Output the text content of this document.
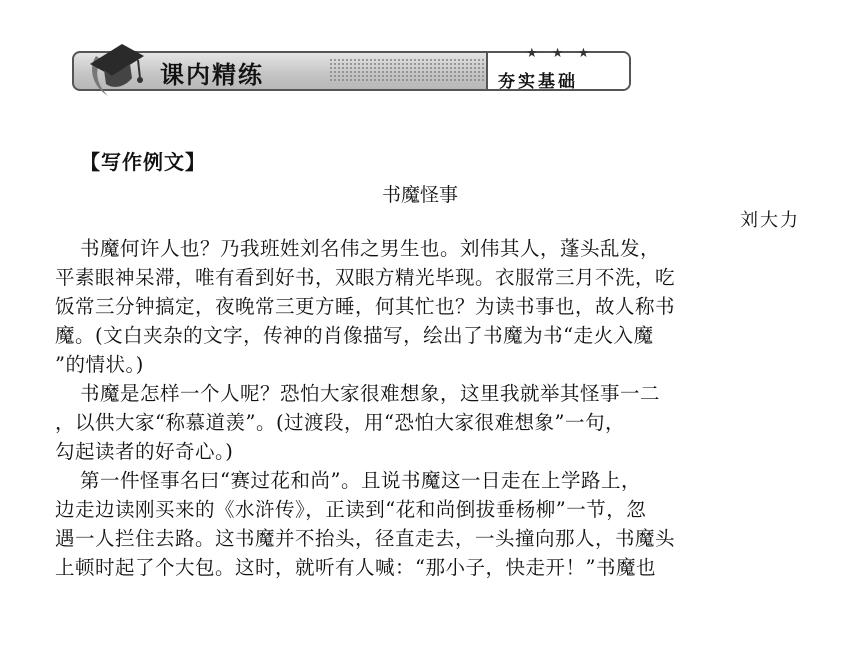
课内精练
★ ★ ★
夯实基础
【写作例文】
书魔怪事
刘大力
书魔何许人也？乃我班姓刘名伟之男生也。刘伟其人，蓬头乱发，
平素眼神呆滞，唯有看到好书，双眼方精光毕现。衣服常三月不洗，吃
饭常三分钟搞定，夜晚常三更方睡，何其忙也？为读书事也，故人称书
魔。(文白夹杂的文字，传神的肖像描写，绘出了书魔为书“走火入魔
”的情状。)
书魔是怎样一个人呢？恐怕大家很难想象，这里我就举其怪事一二
，以供大家“称慕道羡”。(过渡段，用“恐怕大家很难想象”一句，
勾起读者的好奇心。)
第一件怪事名曰“赛过花和尚”。且说书魔这一日走在上学路上，
边走边读刚买来的《水浒传》，正读到“花和尚倒拔垂杨柳”一节，忽
遇一人拦住去路。这书魔并不抬头，径直走去，一头撞向那人，书魔头
上顿时起了个大包。这时，就听有人喊：“那小子，快走开！”书魔也
